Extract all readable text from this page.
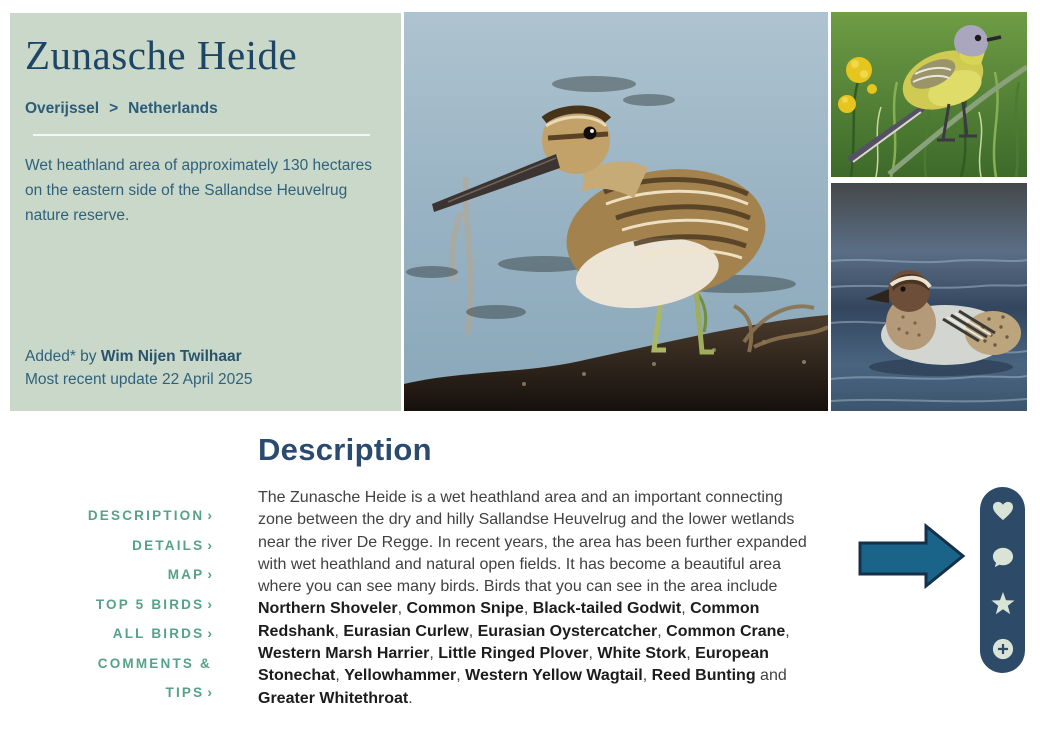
Zunasche Heide
Overijssel > Netherlands

Wet heathland area of approximately 130 hectares on the eastern side of the Sallandse Heuvelrug nature reserve.

Added* by Wim Nijen Twilhaar
Most recent update 22 April 2025
Description
DESCRIPTION ›
DETAILS ›
MAP ›
TOP 5 BIRDS ›
ALL BIRDS ›
COMMENTS & TIPS ›

The Zunasche Heide is a wet heathland area and an important connecting zone between the dry and hilly Sallandse Heuvelrug and the lower wetlands near the river De Regge. In recent years, the area has been further expanded with wet heathland and natural open fields. It has become a beautiful area where you can see many birds. Birds that you can see in the area include Northern Shoveler, Common Snipe, Black-tailed Godwit, Common Redshank, Eurasian Curlew, Eurasian Oystercatcher, Common Crane, Western Marsh Harrier, Little Ringed Plover, White Stork, European Stonechat, Yellowhammer, Western Yellow Wagtail, Reed Bunting and Greater Whitethroat.
